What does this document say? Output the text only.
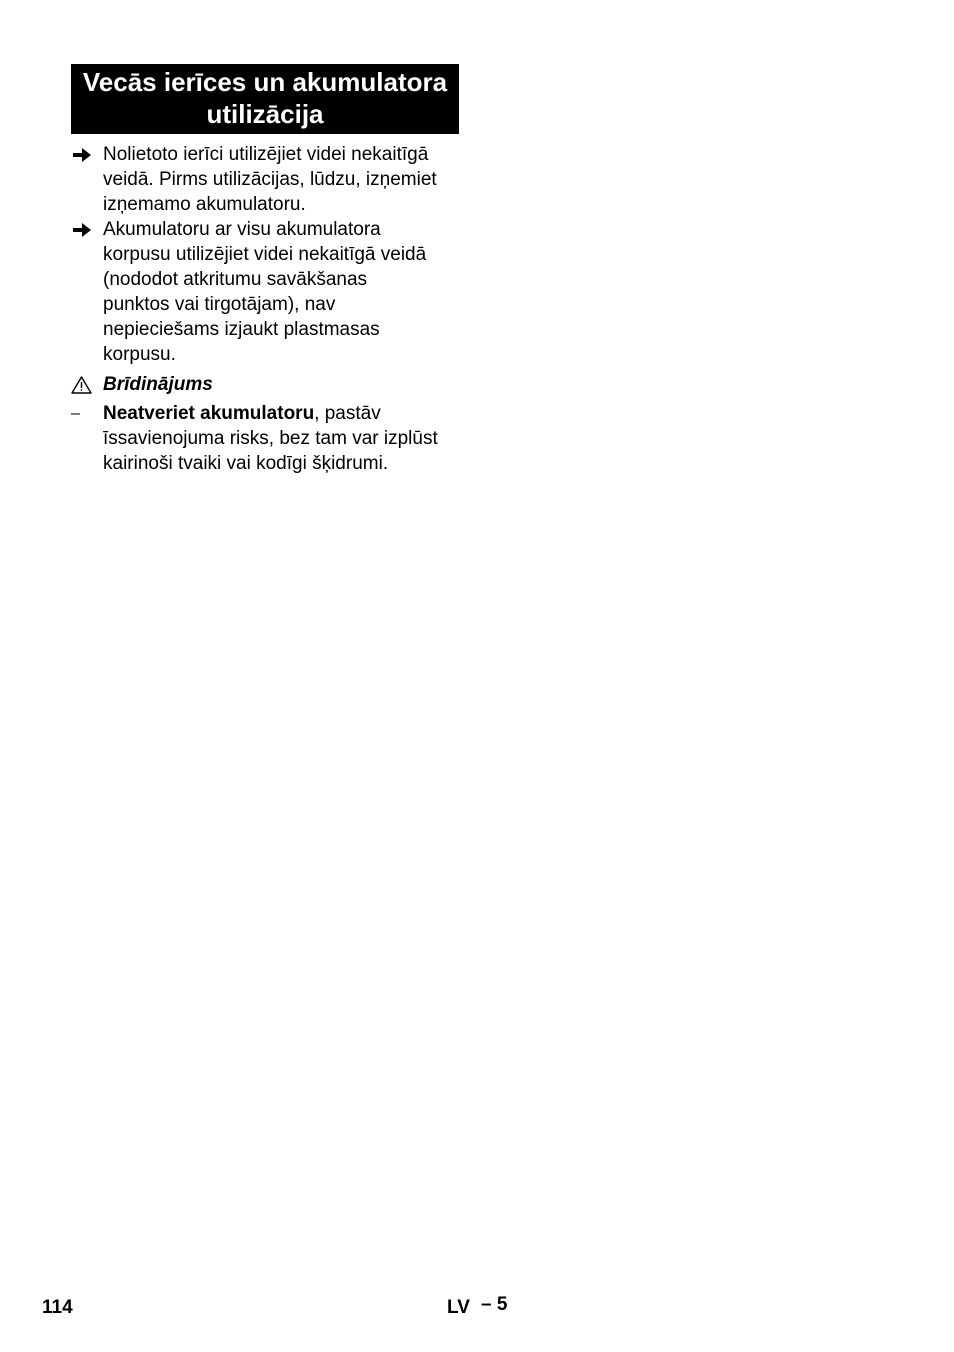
Vecās ierīces un akumulatora
utilizācija
Nolietoto ierīci utilizējiet videi nekaitīgā
veidā. Pirms utilizācijas, lūdzu, izņemiet
izņemamo akumulatoru.
Akumulatoru ar visu akumulatora
korpusu utilizējiet videi nekaitīgā veidā
(nododot atkritumu savākšanas
punktos vai tirgotājam), nav
nepieciešams izjaukt plastmasas
korpusu.
Brīdinājums
– Neatveriet akumulatoru, pastāv
īssavienojuma risks, bez tam var izplūst
kairinoši tvaiki vai kodīgi šķidrumi.
114	LV – 5
